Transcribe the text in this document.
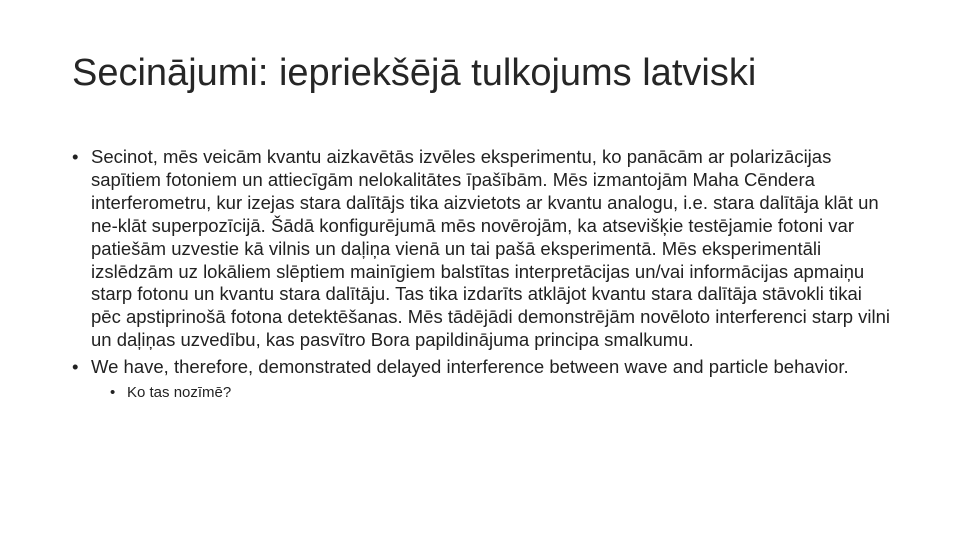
Secinājumi: iepriekšējā tulkojums latviski
• Secinot, mēs veicām kvantu aizkavētās izvēles eksperimentu, ko panācām ar polarizācijas sapītiem fotoniem un attiecīgām nelokalitātes īpašībām. Mēs izmantojām Maha Cēndera interferometru, kur izejas stara dalītājs tika aizvietots ar kvantu analogu, i.e. stara dalītāja klāt un ne-klāt superpozīcijā. Šādā konfigurējumā mēs novērojām, ka atsevišķie testējamie fotoni var patiešām uzvestie kā vilnis un daļiņa vienā un tai pašā eksperimentā. Mēs eksperimentāli izslēdzām uz lokāliem slēptiem mainīgiem balstītas interpretācijas un/vai informācijas apmaiņu starp fotonu un kvantu stara dalītāju. Tas tika izdarīts atklājot kvantu stara dalītāja stāvokli tikai pēc apstiprinošā fotona detektēšanas. Mēs tādējādi demonstrējām novēloto interferenci starp vilni un daļiņas uzvedību, kas pasvītro Bora papildinājuma principa smalkumu.
• We have, therefore, demonstrated delayed interference between wave and particle behavior.
• Ko tas nozīmē?
